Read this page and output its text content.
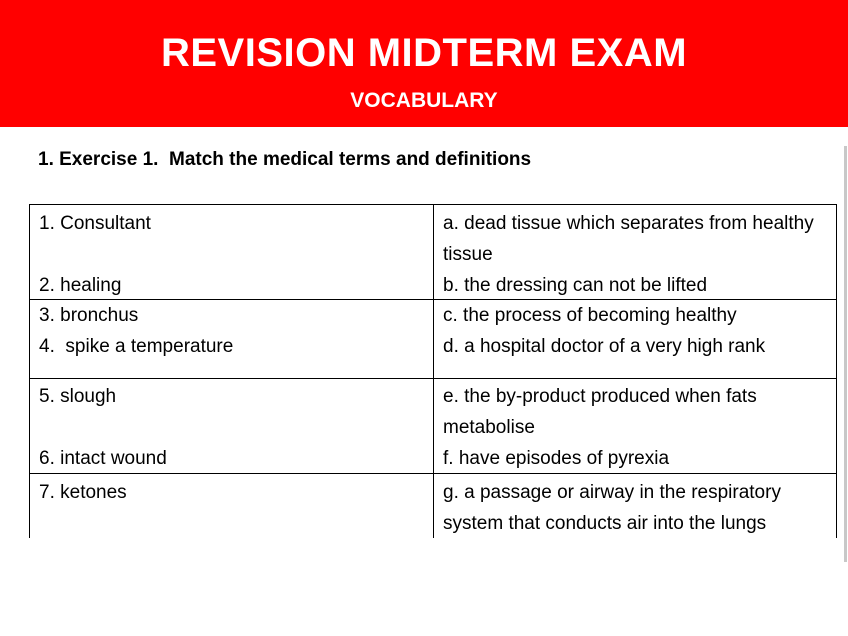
REVISION MIDTERM EXAM
VOCABULARY
1. Exercise 1.  Match the medical terms and definitions
1. Consultant
2. healing
a. dead tissue which separates from healthy
tissue
b. the dressing can not be lifted
3. bronchus
4.  spike a temperature
c. the process of becoming healthy
d. a hospital doctor of a very high rank
5. slough
6. intact wound
e. the by-product produced when fats
metabolise
f. have episodes of pyrexia
7. ketones	g. a passage or airway in the respiratory
system that conducts air into the lungs
